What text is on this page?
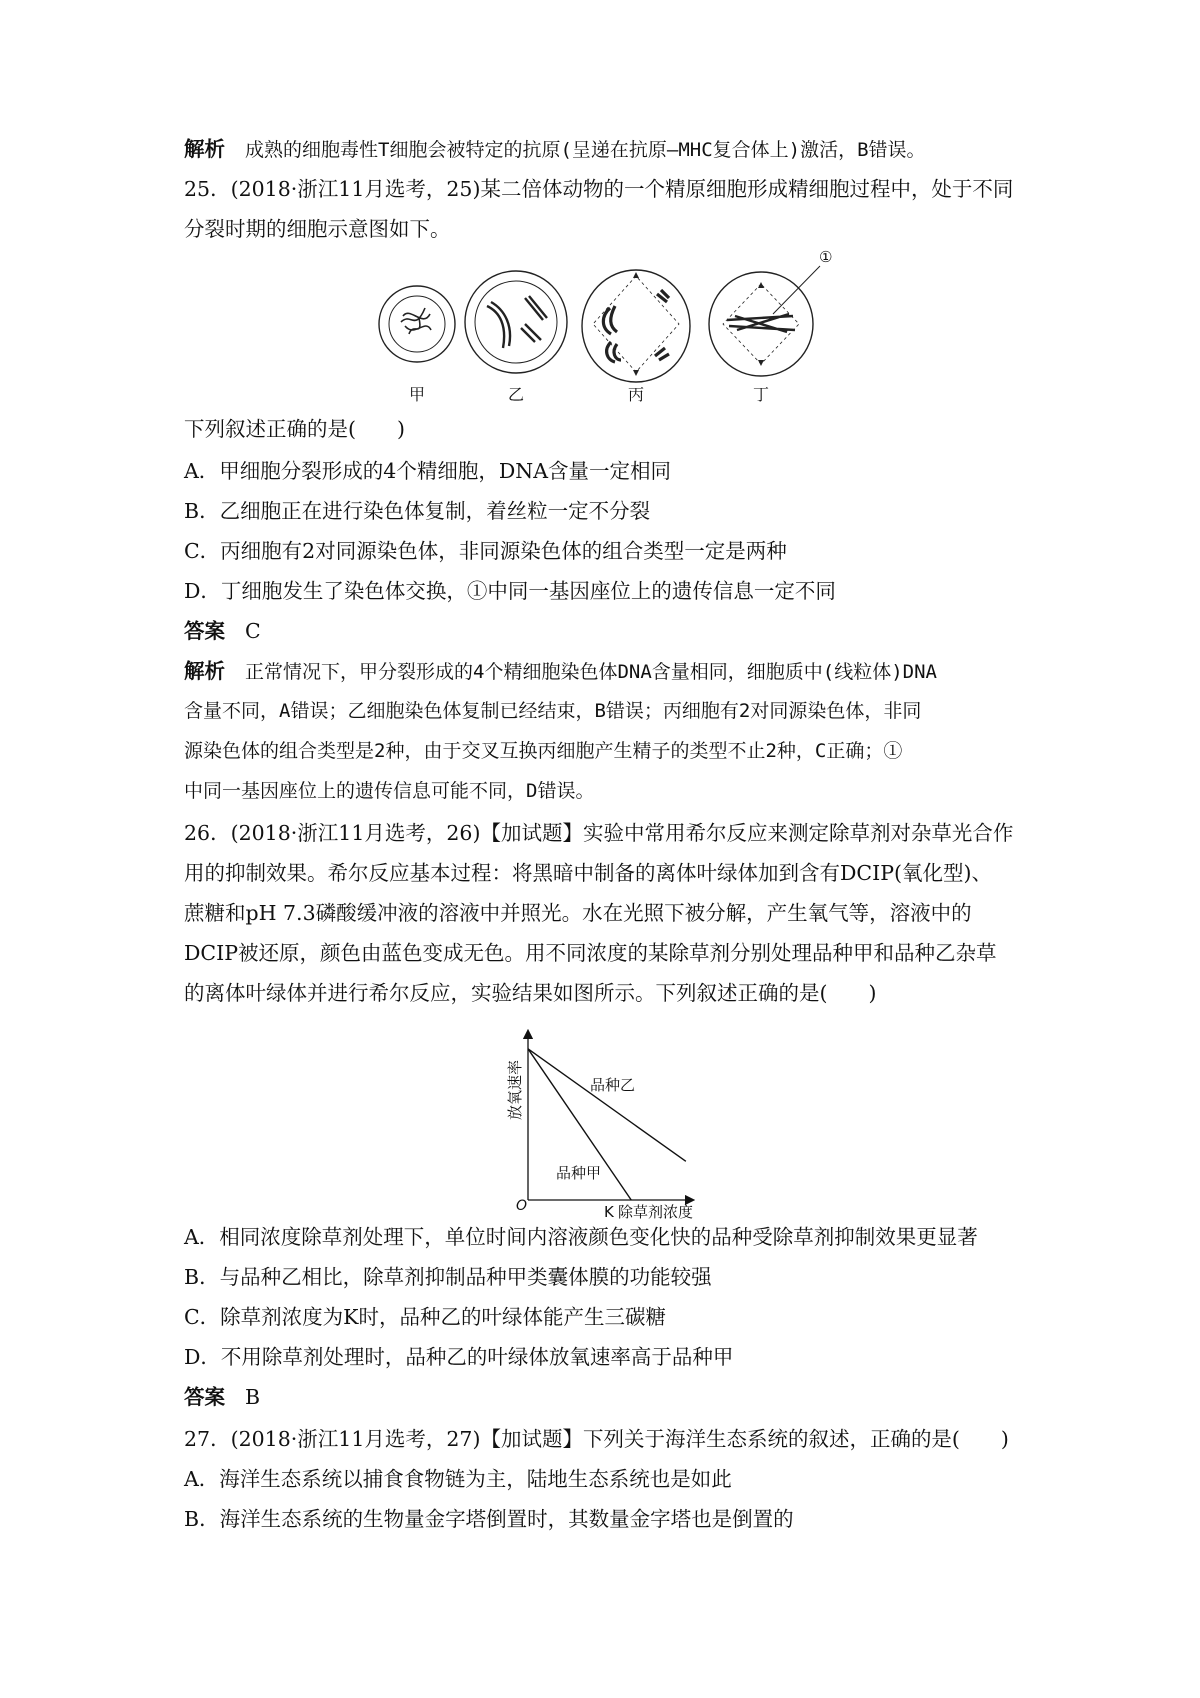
解析 成熟的细胞毒性T细胞会被特定的抗原(呈递在抗原—MHC复合体上)激活，B错误。
25．(2018·浙江11月选考，25)某二倍体动物的一个精原细胞形成精细胞过程中，处于不同
分裂时期的细胞示意图如下。
①
甲	乙	丙	丁
下列叙述正确的是(　　)
A．甲细胞分裂形成的4个精细胞，DNA含量一定相同
B．乙细胞正在进行染色体复制，着丝粒一定不分裂
C．丙细胞有2对同源染色体，非同源染色体的组合类型一定是两种
D．丁细胞发生了染色体交换，①中同一基因座位上的遗传信息一定不同
答案 C
解析 正常情况下，甲分裂形成的4个精细胞染色体DNA含量相同，细胞质中(线粒体)DNA
含量不同，A错误；乙细胞染色体复制已经结束，B错误；丙细胞有2对同源染色体，非同
源染色体的组合类型是2种，由于交叉互换丙细胞产生精子的类型不止2种，C正确；①
中同一基因座位上的遗传信息可能不同，D错误。
26．(2018·浙江11月选考，26)【加试题】实验中常用希尔反应来测定除草剂对杂草光合作
用的抑制效果。希尔反应基本过程：将黑暗中制备的离体叶绿体加到含有DCIP(氧化型)、
蔗糖和pH 7.3磷酸缓冲液的溶液中并照光。水在光照下被分解，产生氧气等，溶液中的
DCIP被还原，颜色由蓝色变成无色。用不同浓度的某除草剂分别处理品种甲和品种乙杂草
的离体叶绿体并进行希尔反应，实验结果如图所示。下列叙述正确的是(　　)
O
放氧速率
除草剂浓度
K
品种甲
品种乙
A．相同浓度除草剂处理下，单位时间内溶液颜色变化快的品种受除草剂抑制效果更显著
B．与品种乙相比，除草剂抑制品种甲类囊体膜的功能较强
C．除草剂浓度为K时，品种乙的叶绿体能产生三碳糖
D．不用除草剂处理时，品种乙的叶绿体放氧速率高于品种甲
答案 B
27．(2018·浙江11月选考，27)【加试题】下列关于海洋生态系统的叙述，正确的是(　　)
A．海洋生态系统以捕食食物链为主，陆地生态系统也是如此
B．海洋生态系统的生物量金字塔倒置时，其数量金字塔也是倒置的
